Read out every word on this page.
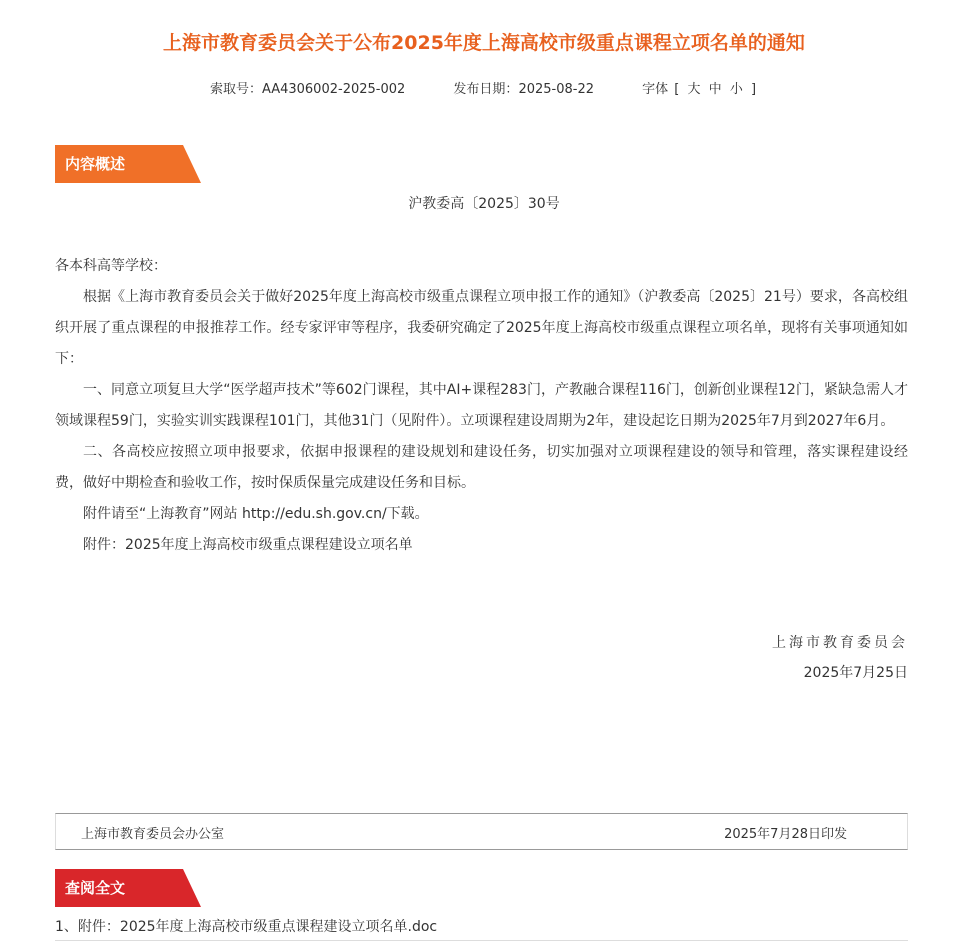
上海市教育委员会关于公布2025年度上海高校市级重点课程立项名单的通知
索取号：AA4306002-2025-002	发布日期：2025-08-22	字体 [ 大 中 小 ]
内容概述
沪教委高〔2025〕30号

各本科高等学校：

根据《上海市教育委员会关于做好2025年度上海高校市级重点课程立项申报工作的通知》（沪教委高〔2025〕21号）要求，各高校组织开展了重点课程的申报推荐工作。经专家评审等程序，我委研究确定了2025年度上海高校市级重点课程立项名单，现将有关事项通知如下：

一、同意立项复旦大学“医学超声技术”等602门课程，其中AI+课程283门，产教融合课程116门，创新创业课程12门，紧缺急需人才领域课程59门，实验实训实践课程101门，其他31门（见附件）。立项课程建设周期为2年，建设起讫日期为2025年7月到2027年6月。

二、各高校应按照立项申报要求，依据申报课程的建设规划和建设任务，切实加强对立项课程建设的领导和管理，落实课程建设经费，做好中期检查和验收工作，按时保质保量完成建设任务和目标。

附件请至“上海教育”网站 http://edu.sh.gov.cn/下载。

附件：2025年度上海高校市级重点课程建设立项名单

上海市教育委员会
2025年7月25日
上海市教育委员会办公室	2025年7月28日印发
查阅全文
1、附件：2025年度上海高校市级重点课程建设立项名单.doc
